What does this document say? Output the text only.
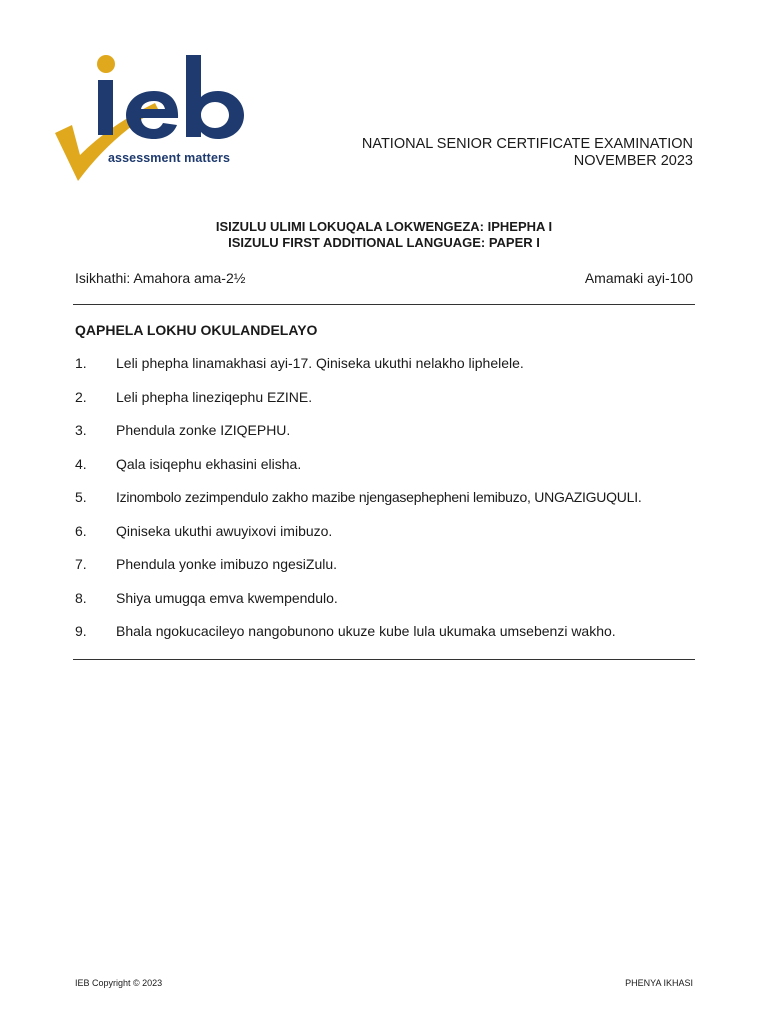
assessment matters
NATIONAL SENIOR CERTIFICATE EXAMINATION
NOVEMBER 2023
ISIZULU ULIMI LOKUQALA LOKWENGEZA: IPHEPHA I
ISIZULU FIRST ADDITIONAL LANGUAGE: PAPER I
Isikhathi: Amahora ama-2½	Amamaki ayi-100
QAPHELA LOKHU OKULANDELAYO
1.	Leli phepha linamakhasi ayi-17. Qiniseka ukuthi nelakho liphelele.
2.	Leli phepha lineziqephu EZINE.
3.	Phendula zonke IZIQEPHU.
4.	Qala isiqephu ekhasini elisha.
5.	Izinombolo zezimpendulo zakho mazibe njengasephepheni lemibuzo, UNGAZIGUQULI.
6.	Qiniseka ukuthi awuyixovi imibuzo.
7.	Phendula yonke imibuzo ngesiZulu.
8.	Shiya umugqa emva kwempendulo.
9.	Bhala ngokucacileyo nangobunono ukuze kube lula ukumaka umsebenzi wakho.
IEB Copyright © 2023	PHENYA IKHASI
